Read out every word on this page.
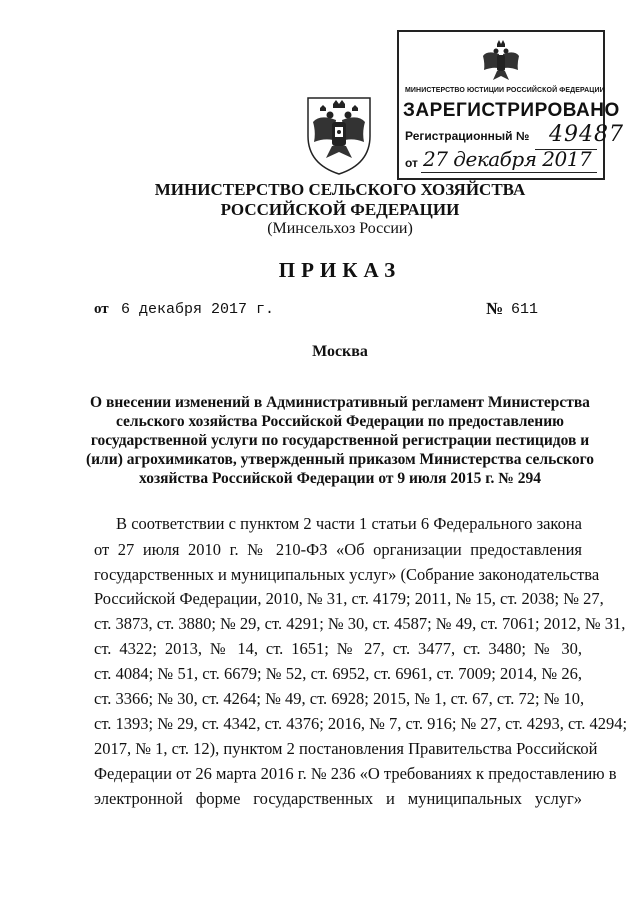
МИНИСТЕРСТВО ЮСТИЦИИ РОССИЙСКОЙ ФЕДЕРАЦИИ
ЗАРЕГИСТРИРОВАНО
Регистрационный № 49487
от 27 декабря 2017
МИНИСТЕРСТВО СЕЛЬСКОГО ХОЗЯЙСТВА
РОССИЙСКОЙ ФЕДЕРАЦИИ
(Минсельхоз России)
ПРИКАЗ
от 6 декабря 2017 г.	№ 611
Москва
О внесении изменений в Административный регламент Министерства
сельского хозяйства Российской Федерации по предоставлению
государственной услуги по государственной регистрации пестицидов и
(или) агрохимикатов, утвержденный приказом Министерства сельского
хозяйства Российской Федерации от 9 июля 2015 г. № 294
В соответствии с пунктом 2 части 1 статьи 6 Федерального закона
от 27 июля 2010 г. № 210-ФЗ «Об организации предоставления
государственных и муниципальных услуг» (Собрание законодательства
Российской Федерации, 2010, № 31, ст. 4179; 2011, № 15, ст. 2038; № 27,
ст. 3873, ст. 3880; № 29, ст. 4291; № 30, ст. 4587; № 49, ст. 7061; 2012, № 31,
ст. 4322; 2013, № 14, ст. 1651; № 27, ст. 3477, ст. 3480; № 30,
ст. 4084; № 51, ст. 6679; № 52, ст. 6952, ст. 6961, ст. 7009; 2014, № 26,
ст. 3366; № 30, ст. 4264; № 49, ст. 6928; 2015, № 1, ст. 67, ст. 72; № 10,
ст. 1393; № 29, ст. 4342, ст. 4376; 2016, № 7, ст. 916; № 27, ст. 4293, ст. 4294;
2017, № 1, ст. 12), пунктом 2 постановления Правительства Российской
Федерации от 26 марта 2016 г. № 236 «О требованиях к предоставлению в
электронной форме государственных и муниципальных услуг»
